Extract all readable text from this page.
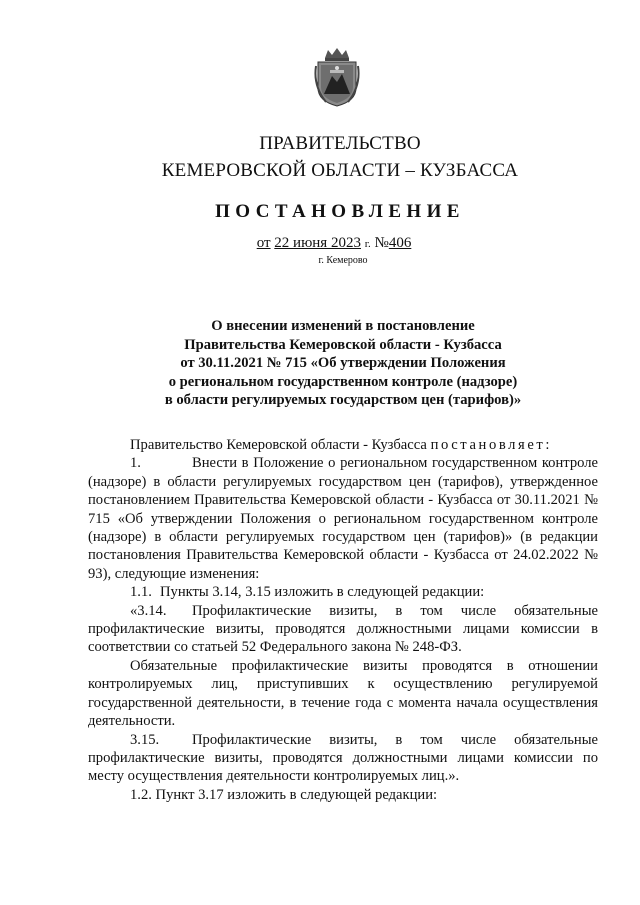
ПРАВИТЕЛЬСТВО
КЕМЕРОВСКОЙ ОБЛАСТИ – КУЗБАССА
ПОСТАНОВЛЕНИЕ
от 22 июня 2023 г. №406
г. Кемерово
О внесении изменений в постановление
Правительства Кемеровской области - Кузбасса
от 30.11.2021 № 715 «Об утверждении Положения
о региональном государственном контроле (надзоре)
в области регулируемых государством цен (тарифов)»
Правительство Кемеровской области - Кузбасса постановляет:
1.	Внести в Положение о региональном государственном контроле (надзоре) в области регулируемых государством цен (тарифов), утвержденное постановлением Правительства Кемеровской области - Кузбасса от 30.11.2021 № 715 «Об утверждении Положения о региональном государственном контроле (надзоре) в области регулируемых государством цен (тарифов)» (в редакции постановления Правительства Кемеровской области - Кузбасса от 24.02.2022 № 93), следующие изменения:
1.1. Пункты 3.14, 3.15 изложить в следующей редакции:
«3.14. Профилактические визиты, в том числе обязательные профилактические визиты, проводятся должностными лицами комиссии в соответствии со статьей 52 Федерального закона № 248-ФЗ.
Обязательные профилактические визиты проводятся в отношении контролируемых лиц, приступивших к осуществлению регулируемой государственной деятельности, в течение года с момента начала осуществления деятельности.
3.15. Профилактические визиты, в том числе обязательные профилактические визиты, проводятся должностными лицами комиссии по месту осуществления деятельности контролируемых лиц.».
1.2. Пункт 3.17 изложить в следующей редакции:
